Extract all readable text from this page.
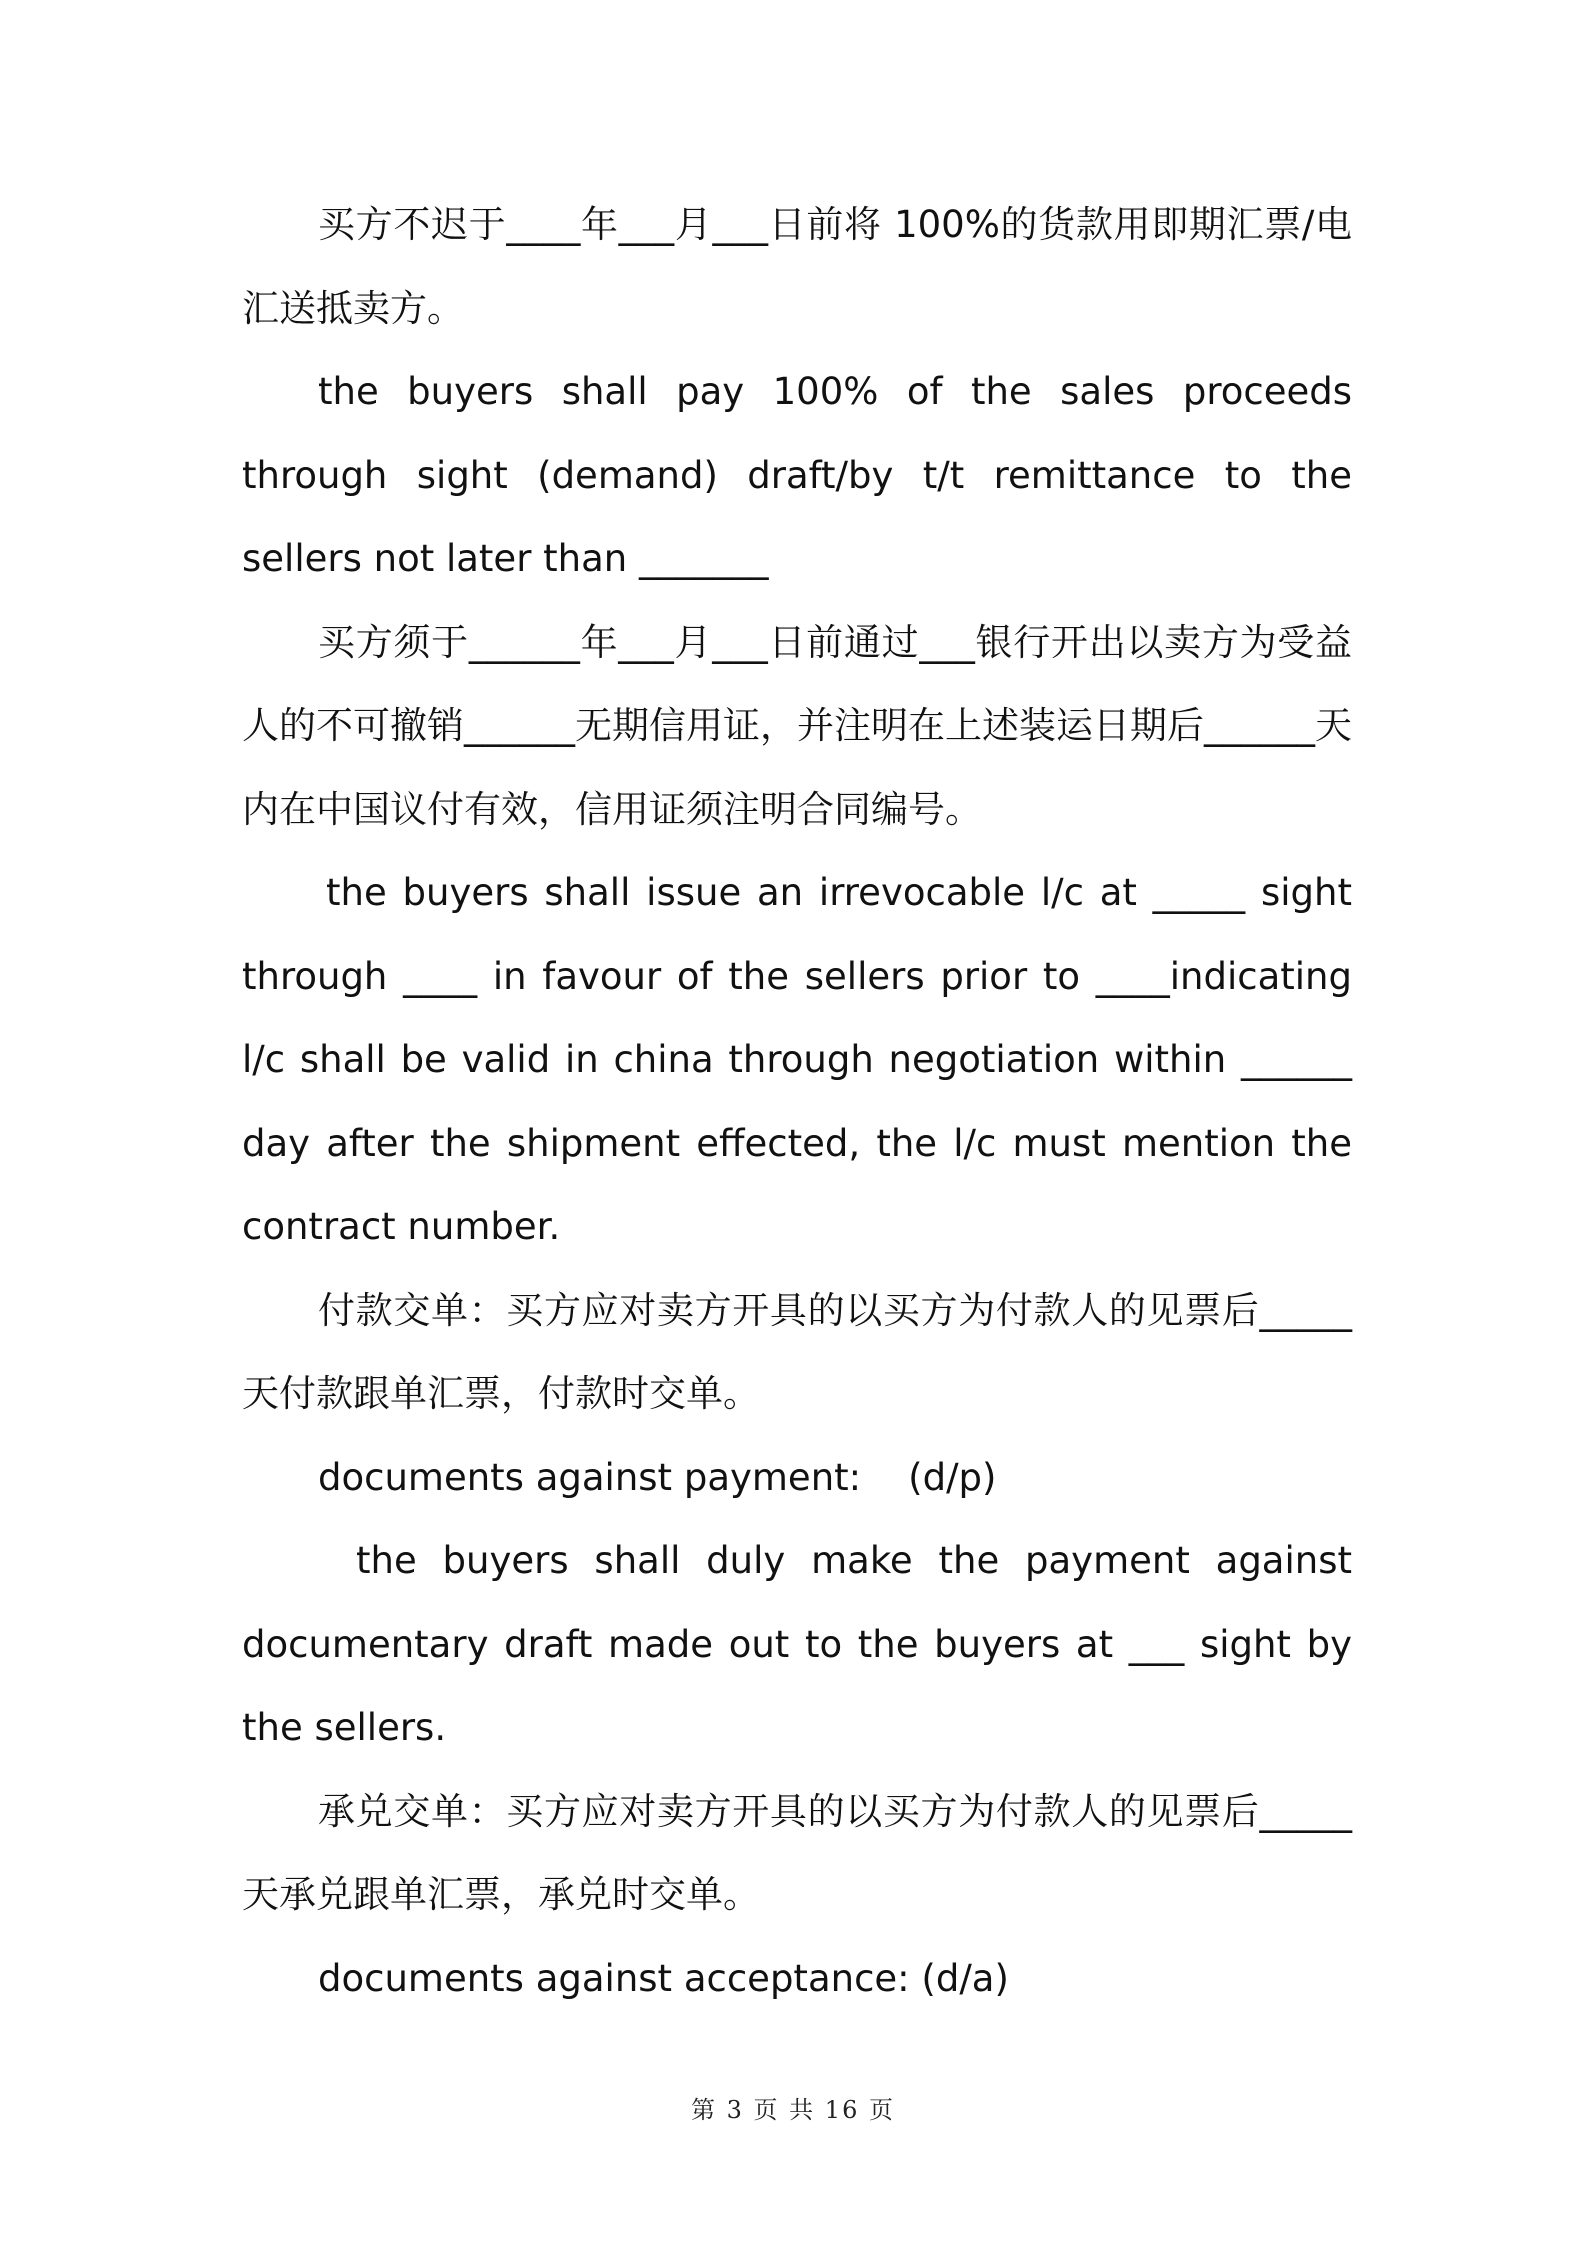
买方不迟于____年___月___日前将 100%的货款用即期汇票/电汇送抵卖方。

the buyers shall pay 100% of the sales proceeds through sight (demand) draft/by t/t remittance to the sellers not later than _______

买方须于______年___月___日前通过___银行开出以卖方为受益人的不可撤销______无期信用证，并注明在上述装运日期后______天内在中国议付有效，信用证须注明合同编号。

the buyers shall issue an irrevocable l/c at _____ sight through ____ in favour of the sellers prior to ____indicating l/c shall be valid in china through negotiation within ______ day after the shipment effected, the l/c must mention the contract number.

付款交单：买方应对卖方开具的以买方为付款人的见票后_____天付款跟单汇票，付款时交单。

documents against payment:    (d/p)

the buyers shall duly make the payment against documentary draft made out to the buyers at ___ sight by the sellers.

承兑交单：买方应对卖方开具的以买方为付款人的见票后_____天承兑跟单汇票，承兑时交单。

documents against acceptance: (d/a)

第 3 页 共 16 页
